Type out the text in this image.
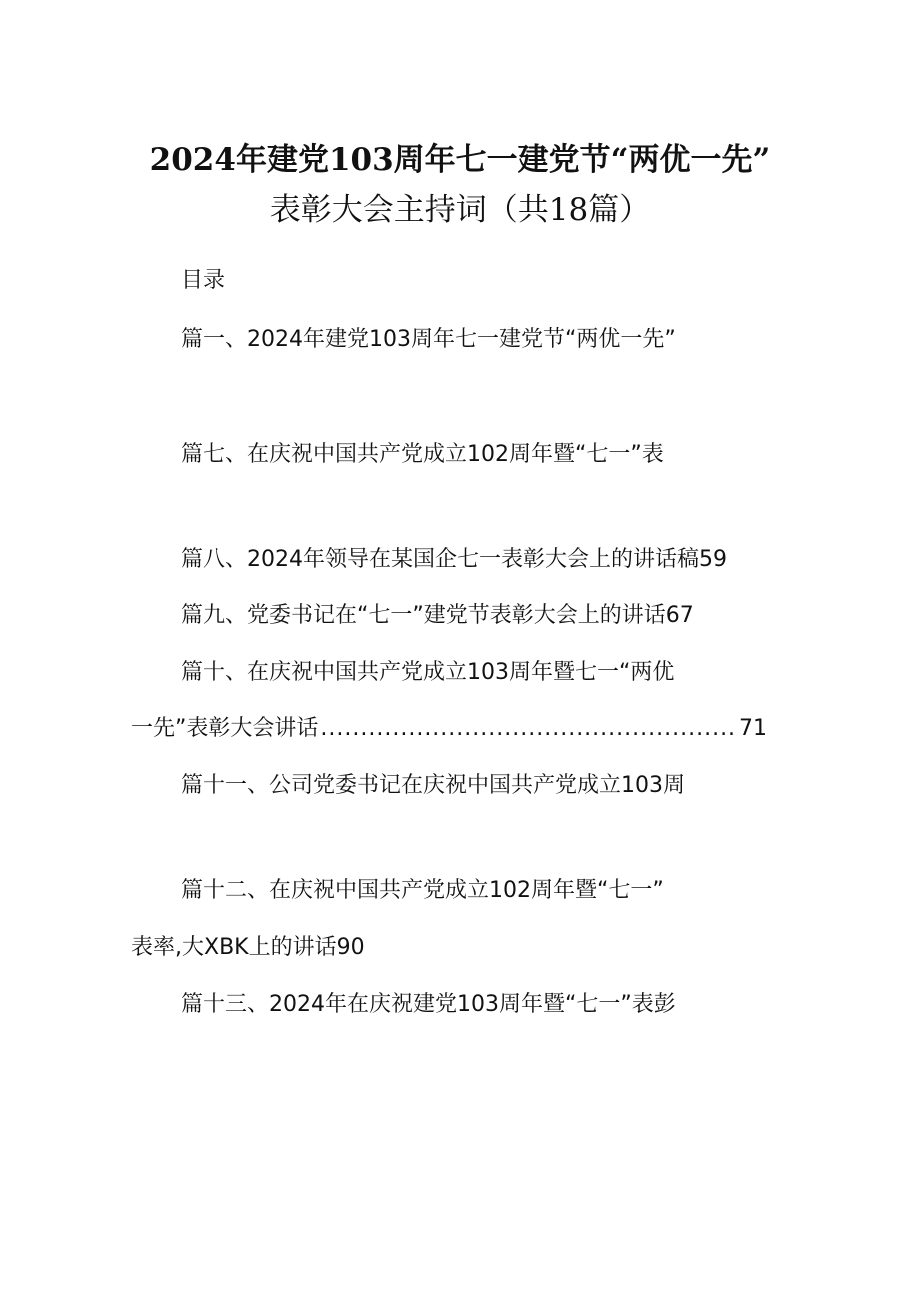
2024年建党103周年七一建党节“两优一先”
表彰大会主持词（共18篇）
目录
篇一、2024年建党103周年七一建党节“两优一先”
篇七、在庆祝中国共产党成立102周年暨“七一”表
篇八、2024年领导在某国企七一表彰大会上的讲话稿59
篇九、党委书记在“七一”建党节表彰大会上的讲话67
篇十、在庆祝中国共产党成立103周年暨七一“两优
一先”表彰大会讲话
.....	71
篇十一、公司党委书记在庆祝中国共产党成立103周
篇十二、在庆祝中国共产党成立102周年暨“七一”
表率,大XBK上的讲话90
篇十三、2024年在庆祝建党103周年暨“七一”表彭
